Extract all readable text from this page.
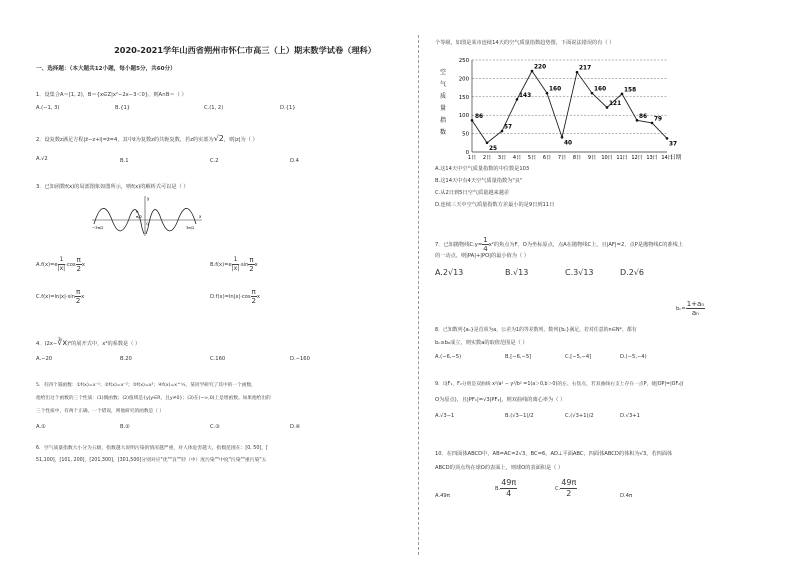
2020-2021学年山西省朔州市怀仁市高三（上）期末数学试卷（理科）
一、选择题：（本大题共12小题，每小题5分，共60分）
1．设集合A＝[1, 2)，B＝{x∈Z|x²−2x−3＜0}，则A∩B＝（ ）
A.(−1, 3)	B.{1}	C.(1, 2)	D.{1}
2．设复数z满足方程|z̄−z+i|=z̄=4，其中z̄为复数z的共轭复数，若z的实部为√2，则|z|为（ ）
A.√2	B.1	C.2	D.4
3．已知函数f(x)的局部图象如图所示，则f(x)的解析式可以是（ ）
π
π/2
y
−3π/2	3π/2
x
O
$A.f(x)=e \frac{1}{|x|} \cdot\cos \frac{\pi}{2}$ x	$B.f(x)=e \frac{1}{|x|} \cdot\sin \frac{\pi}{2}$ x
$C.f(x)=\ln|x|\cdot\sin \frac{\pi}{2}$ x	$D.f(x)=\ln|x|\cdot\cos \frac{\pi}{2}$ x
4．(2x−∛x)⁶的展开式中，x³的系数是（ ）
A.−20	B.20	C.160	D.−160
5．有四个幂函数：①f(x)=x⁻¹；②f(x)=x⁻²；③f(x)=x³；④f(x)=x^½，某同学研究了其中的一个函数，
他给出这个函数的三个性质：(1)偶函数；(2)值域是{y|y∈R，且y≠0}；(3)在(−∞,0)上是增函数。如果他给出的
三个性质中，有两个正确，一个错误，则他研究的函数是（ ）
A.①	B.②	C.③	D.④
6．空气质量指数大小分为五级，指数越大说明污染的情况越严重，对人体危害越大，指数范围在：[0, 50]，[
51,100]，[101, 200]，[201,300]，[301,500]分别对应"优""良""轻（中）度污染""中度"污染""重污染"五
个等级，如图是某市连续14天的空气质量指数趋势图，下面说法错误的有（ ）
0
50
100
150
200
250
1日 2日 3日 4日 5日 6日 7日 8日 9日 10日 11日 12日 13日 14日
86
25
57
143
220
160
40
217
160
121
158
86 79
37
空
气
质
量
指
数
日期
A.这14天中空气质量指数的中位数是103
B.这14天中有4天空气质量指数为"良"
C.从2日到5日空气质量越来越差
D.连续三天中空气质量指数方差最小的是9日到11日
7．已知抛物线C:y= $\frac{1}{4} x^2$的焦点为F，O为坐标原点，点A在抛物线C上，且|AF|=2，点P是抛物线C的准线上
的一动点，则|PA|+|PO|的最小值为（ ）
A.2√13	B.√13	C.3√13	D.2√6
$b_n= \frac{\text{1+aₙ}}{\text{aₙ}}$
8．已知数列{aₙ}是首项为a，公差为1的等差数列，数列{bₙ}满足，若对任意的n∈N*，都有
bₙ≥b₈成立，则实数a的取值范围是（ ）
A.(−6,−5)	B.[−6,−5]	C.[−5,−4]	D.(−5,−4)
9．设F₁，F₂分别是双曲线 x²/a² − y²/b² =1(a＞0,b＞0)的左、右焦点，若双曲线右支上存在一点P，使|OP|=|OF₂|(
O为原点)，且|PF₁|=√3|PF₂|，则双曲线的离心率为（ ）
A.√3−1	B.(√3−1)/2	C.(√3+1)/2	D.√3+1
10．在四面体ABCD中，AB=AC=2√3，BC=6，AD⊥平面ABC，四面体ABCD的体积为√3，若四面体
ABCD的顶点均在球O的表面上，则球O的表面积是（ ）
A.49π
B. $\frac{49\pi}{4}$	C. $\frac{49\pi}{2}$	D.4π
